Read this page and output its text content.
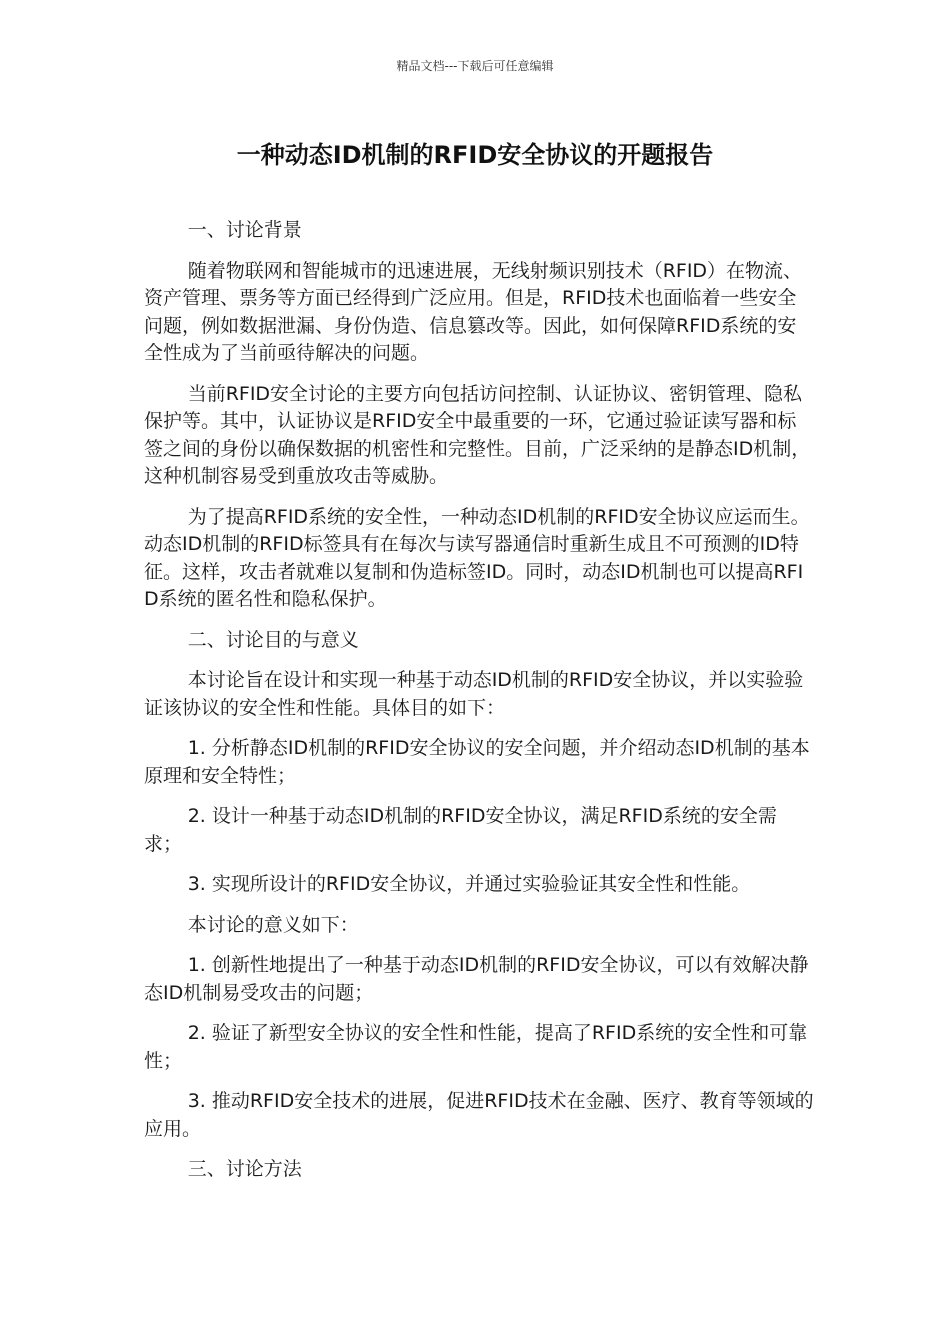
精品文档---下载后可任意编辑
一种动态ID机制的RFID安全协议的开题报告

一、讨论背景

随着物联网和智能城市的迅速进展，无线射频识别技术（RFID）在物流、资产管理、票务等方面已经得到广泛应用。但是，RFID技术也面临着一些安全问题，例如数据泄漏、身份伪造、信息篡改等。因此，如何保障RFID系统的安全性成为了当前亟待解决的问题。

当前RFID安全讨论的主要方向包括访问控制、认证协议、密钥管理、隐私保护等。其中，认证协议是RFID安全中最重要的一环，它通过验证读写器和标签之间的身份以确保数据的机密性和完整性。目前，广泛采纳的是静态ID机制，这种机制容易受到重放攻击等威胁。

为了提高RFID系统的安全性，一种动态ID机制的RFID安全协议应运而生。动态ID机制的RFID标签具有在每次与读写器通信时重新生成且不可预测的ID特征。这样，攻击者就难以复制和伪造标签ID。同时，动态ID机制也可以提高RFID系统的匿名性和隐私保护。

二、讨论目的与意义

本讨论旨在设计和实现一种基于动态ID机制的RFID安全协议，并以实验验证该协议的安全性和性能。具体目的如下：

1. 分析静态ID机制的RFID安全协议的安全问题，并介绍动态ID机制的基本原理和安全特性；

2. 设计一种基于动态ID机制的RFID安全协议，满足RFID系统的安全需求；

3. 实现所设计的RFID安全协议，并通过实验验证其安全性和性能。

本讨论的意义如下：

1. 创新性地提出了一种基于动态ID机制的RFID安全协议，可以有效解决静态ID机制易受攻击的问题；

2. 验证了新型安全协议的安全性和性能，提高了RFID系统的安全性和可靠性；

3. 推动RFID安全技术的进展，促进RFID技术在金融、医疗、教育等领域的应用。

三、讨论方法
